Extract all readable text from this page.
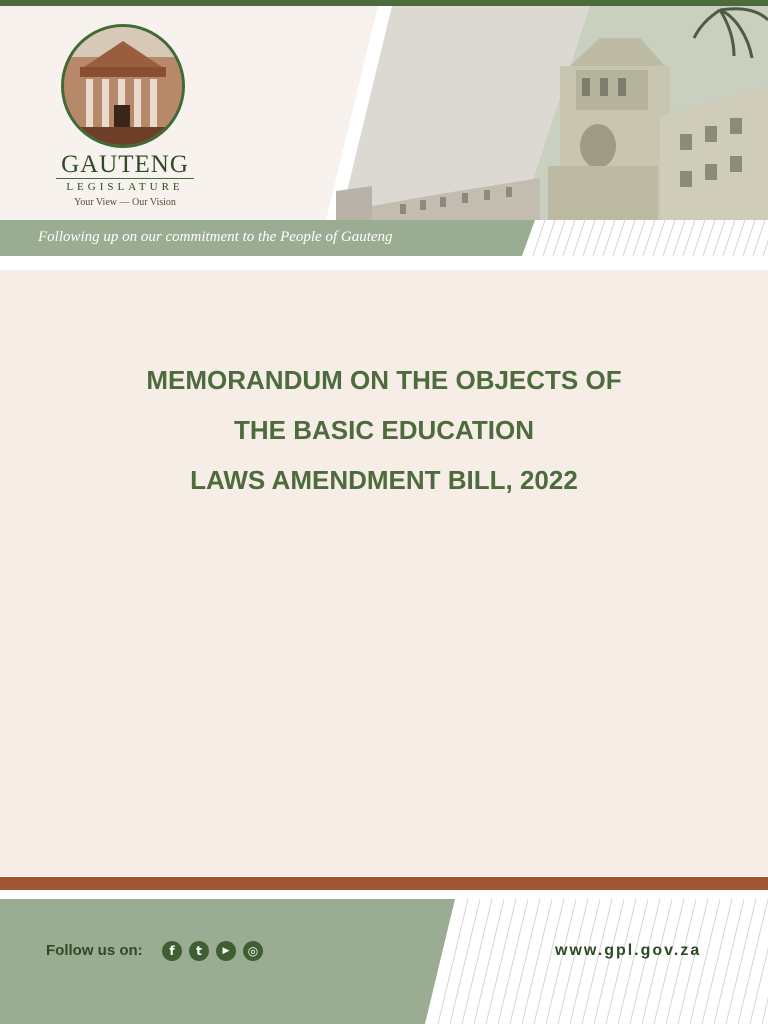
GAUTENG
LEGISLATURE
Your View — Our Vision
Following up on our commitment to the People of Gauteng
MEMORANDUM ON THE OBJECTS OF
THE BASIC EDUCATION
LAWS AMENDMENT BILL, 2022
Follow us on:	f	t	▶	◎	www.gpl.gov.za
